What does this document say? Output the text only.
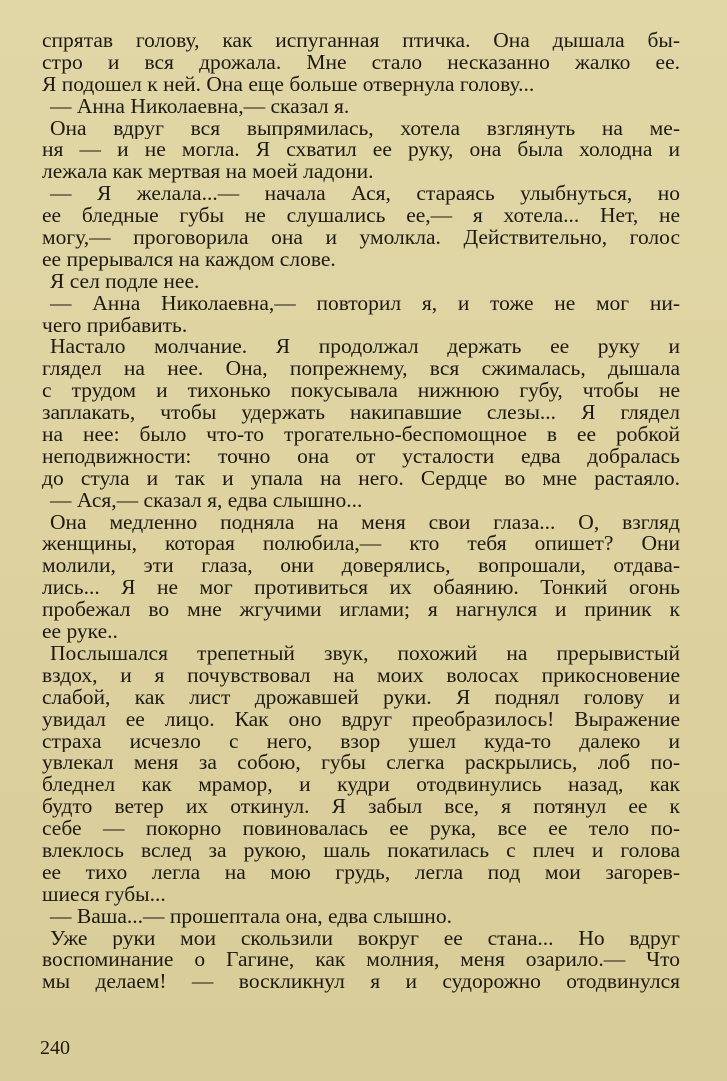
спрятав голову, как испуганная птичка. Она дышала бы-
стро и вся дрожала. Мне стало несказанно жалко ее.
Я подошел к ней. Она еще больше отвернула голову...
— Анна Николаевна,— сказал я.
Она вдруг вся выпрямилась, хотела взглянуть на ме-
ня — и не могла. Я схватил ее руку, она была холодна и
лежала как мертвая на моей ладони.
— Я желала...— начала Ася, стараясь улыбнуться, но
ее бледные губы не слушались ее,— я хотела... Нет, не
могу,— проговорила она и умолкла. Действительно, голос
ее прерывался на каждом слове.
Я сел подле нее.
— Анна Николаевна,— повторил я, и тоже не мог ни-
чего прибавить.
Настало молчание. Я продолжал держать ее руку и
глядел на нее. Она, попрежнему, вся сжималась, дышала
с трудом и тихонько покусывала нижнюю губу, чтобы не
заплакать, чтобы удержать накипавшие слезы... Я глядел
на нее: было что-то трогательно-беспомощное в ее робкой
неподвижности: точно она от усталости едва добралась
до стула и так и упала на него. Сердце во мне растаяло.
— Ася,— сказал я, едва слышно...
Она медленно подняла на меня свои глаза... О, взгляд
женщины, которая полюбила,— кто тебя опишет? Они
молили, эти глаза, они доверялись, вопрошали, отдава-
лись... Я не мог противиться их обаянию. Тонкий огонь
пробежал во мне жгучими иглами; я нагнулся и приник к
ее руке..
Послышался трепетный звук, похожий на прерывистый
вздох, и я почувствовал на моих волосах прикосновение
слабой, как лист дрожавшей руки. Я поднял голову и
увидал ее лицо. Как оно вдруг преобразилось! Выражение
страха исчезло с него, взор ушел куда-то далеко и
увлекал меня за собою, губы слегка раскрылись, лоб по-
бледнел как мрамор, и кудри отодвинулись назад, как
будто ветер их откинул. Я забыл все, я потянул ее к
себе — покорно повиновалась ее рука, все ее тело по-
влеклось вслед за рукою, шаль покатилась с плеч и голова
ее тихо легла на мою грудь, легла под мои загорев-
шиеся губы...
— Ваша...— прошептала она, едва слышно.
Уже руки мои скользили вокруг ее стана... Но вдруг
воспоминание о Гагине, как молния, меня озарило.— Что
мы делаем! — воскликнул я и судорожно отодвинулся
240
